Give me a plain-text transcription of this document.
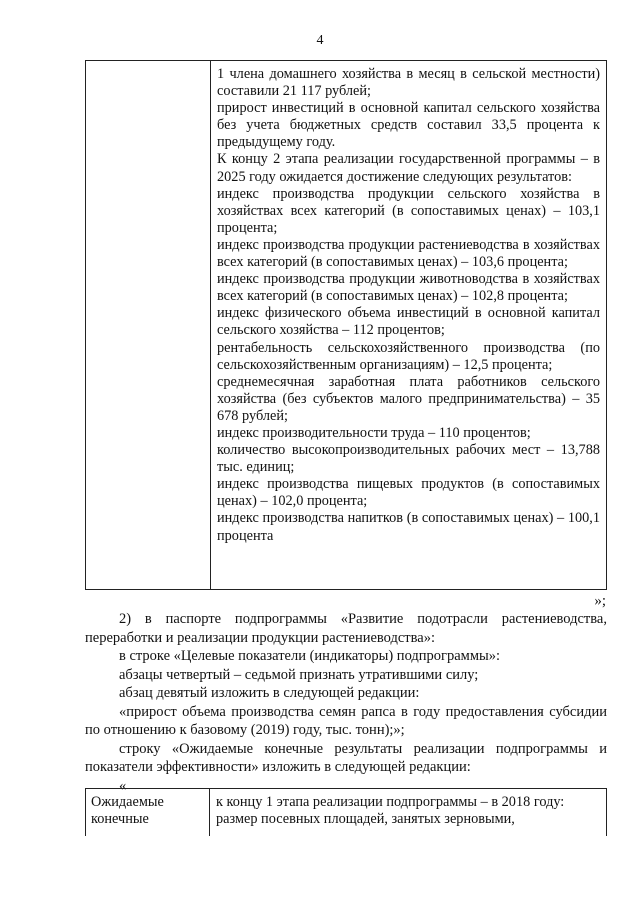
4

1 члена домашнего хозяйства в месяц в сельской местности) составили 21 117 рублей;

прирост инвестиций в основной капитал сельского хозяйства без учета бюджетных средств составил 33,5 процента к предыдущему году.

К концу 2 этапа реализации государственной программы – в 2025 году ожидается достижение следующих результатов:

индекс производства продукции сельского хозяйства в хозяйствах всех категорий (в сопоставимых ценах) – 103,1 процента;

индекс производства продукции растениеводства в хозяйствах всех категорий (в сопоставимых ценах) – 103,6 процента;

индекс производства продукции животноводства в хозяйствах всех категорий (в сопоставимых ценах) – 102,8 процента;

индекс физического объема инвестиций в основной капитал сельского хозяйства – 112 процентов;

рентабельность сельскохозяйственного производства (по сельскохозяйственным организациям) – 12,5 процента;

среднемесячная заработная плата работников сельского хозяйства (без субъектов малого предпринимательства) – 35 678 рублей;

индекс производительности труда – 110 процентов;

количество высокопроизводительных рабочих мест – 13,788 тыс. единиц;

индекс производства пищевых продуктов (в сопоставимых ценах) – 102,0 процента;

индекс производства напитков (в сопоставимых ценах) – 100,1 процента

»;

2) в паспорте подпрограммы «Развитие подотрасли растениеводства, переработки и реализации продукции растениеводства»:

в строке «Целевые показатели (индикаторы) подпрограммы»:

абзацы четвертый – седьмой признать утратившими силу;

абзац девятый изложить в следующей редакции:

«прирост объема производства семян рапса в году предоставления субсидии по отношению к базовому (2019) году, тыс. тонн);»;

строку «Ожидаемые конечные результаты реализации подпрограммы и показатели эффективности» изложить в следующей редакции:

«

Ожидаемые
конечные

к концу 1 этапа реализации подпрограммы – в 2018 году:

размер посевных площадей, занятых зерновыми,
